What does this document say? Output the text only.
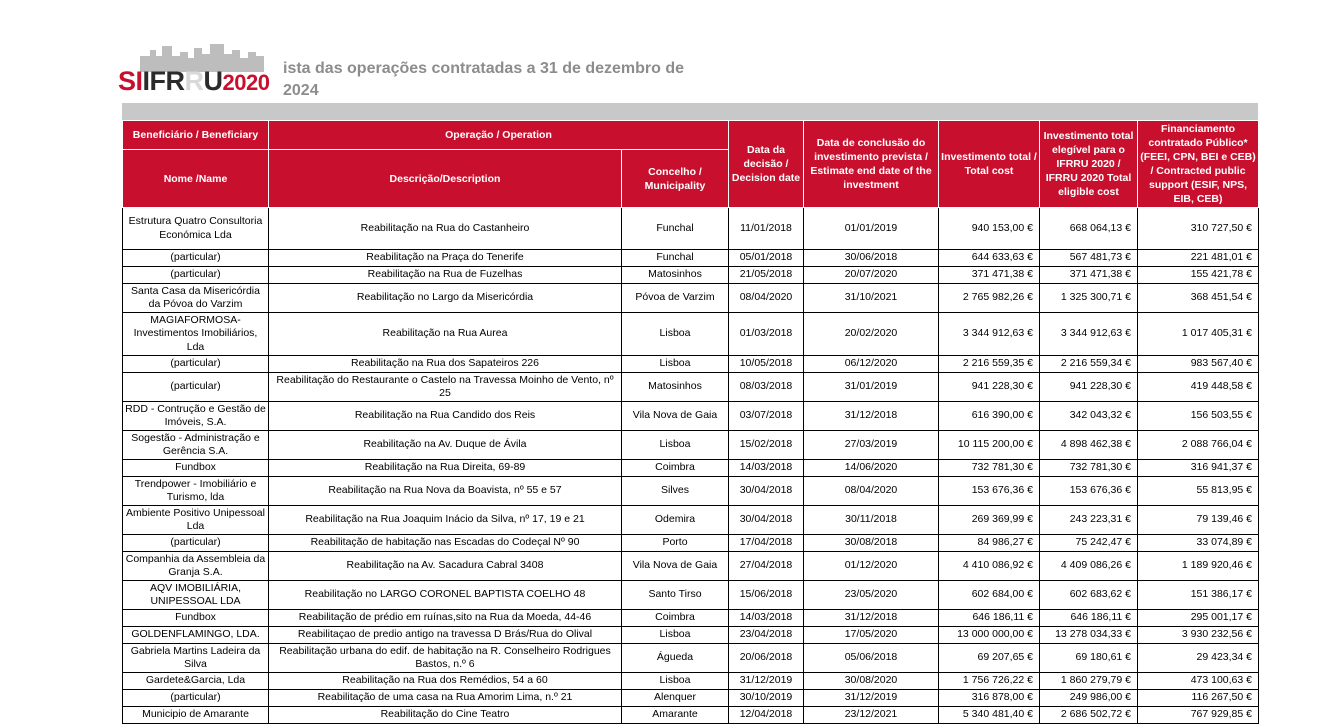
SIIFRRU2020
ista das operações contratadas a 31 de dezembro de
2024
Beneficiário / Beneficiary	Operação / Operation		Data da decisão / Decision date	Data de conclusão do investimento prevista / Estimate end date of the investment	Investimento total / Total cost	Investimento total elegível para o IFRRU 2020 / IFRRU 2020 Total eligible cost	Financiamento contratado Público* (FEEI, CPN, BEI e CEB) / Contracted public support (ESIF, NPS, EIB, CEB)
Nome /Name	Descrição/Description	Concelho / Municipality					
Estrutura Quatro Consultoria Económica Lda	Reabilitação na Rua do Castanheiro	Funchal	11/01/2018	01/01/2019	940 153,00 €	668 064,13 €	310 727,50 €
(particular)	Reabilitação na Praça do Tenerife	Funchal	05/01/2018	30/06/2018	644 633,63 €	567 481,73 €	221 481,01 €
(particular)	Reabilitação na Rua de Fuzelhas	Matosinhos	21/05/2018	20/07/2020	371 471,38 €	371 471,38 €	155 421,78 €
Santa Casa da Misericórdia da Póvoa do Varzim	Reabilitação no Largo da Misericórdia	Póvoa de Varzim	08/04/2020	31/10/2021	2 765 982,26 €	1 325 300,71 €	368 451,54 €
MAGIAFORMOSA- Investimentos Imobiliários, Lda	Reabilitação na Rua Aurea	Lisboa	01/03/2018	20/02/2020	3 344 912,63 €	3 344 912,63 €	1 017 405,31 €
(particular)	Reabilitação na Rua dos Sapateiros 226	Lisboa	10/05/2018	06/12/2020	2 216 559,35 €	2 216 559,34 €	983 567,40 €
(particular)	Reabilitação do Restaurante o Castelo na Travessa Moinho de Vento, nº 25	Matosinhos	08/03/2018	31/01/2019	941 228,30 €	941 228,30 €	419 448,58 €
RDD - Contrução e Gestão de Imóveis, S.A.	Reabilitação na Rua Candido dos Reis	Vila Nova de Gaia	03/07/2018	31/12/2018	616 390,00 €	342 043,32 €	156 503,55 €
Sogestão - Administração e Gerência S.A.	Reabilitação na Av. Duque de Ávila	Lisboa	15/02/2018	27/03/2019	10 115 200,00 €	4 898 462,38 €	2 088 766,04 €
Fundbox	Reabilitação na Rua Direita, 69-89	Coimbra	14/03/2018	14/06/2020	732 781,30 €	732 781,30 €	316 941,37 €
Trendpower - Imobiliário e Turismo, lda	Reabilitação na Rua Nova da Boavista, nº 55 e 57	Silves	30/04/2018	08/04/2020	153 676,36 €	153 676,36 €	55 813,95 €
Ambiente Positivo Unipessoal Lda	Reabilitação na Rua Joaquim Inácio da Silva, nº 17, 19 e 21	Odemira	30/04/2018	30/11/2018	269 369,99 €	243 223,31 €	79 139,46 €
(particular)	Reabilitação de habitação nas Escadas do Codeçal Nº 90	Porto	17/04/2018	30/08/2018	84 986,27 €	75 242,47 €	33 074,89 €
Companhia da Assembleia da Granja S.A.	Reabilitação na Av. Sacadura Cabral 3408	Vila Nova de Gaia	27/04/2018	01/12/2020	4 410 086,92 €	4 409 086,26 €	1 189 920,46 €
AQV IMOBILIÁRIA, UNIPESSOAL LDA	Reabilitação no LARGO CORONEL BAPTISTA COELHO 48	Santo Tirso	15/06/2018	23/05/2020	602 684,00 €	602 683,62 €	151 386,17 €
Fundbox	Reabilitação de prédio em ruínas,sito na Rua da Moeda, 44-46	Coimbra	14/03/2018	31/12/2018	646 186,11 €	646 186,11 €	295 001,17 €
GOLDENFLAMINGO, LDA.	Reabilitaçao de predio antigo na travessa D Brás/Rua do Olival	Lisboa	23/04/2018	17/05/2020	13 000 000,00 €	13 278 034,33 €	3 930 232,56 €
Gabriela Martins Ladeira da Silva	Reabilitação urbana do edif. de habitação na R. Conselheiro Rodrigues Bastos, n.º 6	Águeda	20/06/2018	05/06/2018	69 207,65 €	69 180,61 €	29 423,34 €
Gardete&Garcia, Lda	Reabilitação na Rua dos Remédios, 54 a 60	Lisboa	31/12/2019	30/08/2020	1 756 726,22 €	1 860 279,79 €	473 100,63 €
(particular)	Reabilitação de uma casa na Rua Amorim Lima, n.º 21	Alenquer	30/10/2019	31/12/2019	316 878,00 €	249 986,00 €	116 267,50 €
Municipio de Amarante	Reabilitação do Cine Teatro	Amarante	12/04/2018	23/12/2021	5 340 481,40 €	2 686 502,72 €	767 929,85 €
